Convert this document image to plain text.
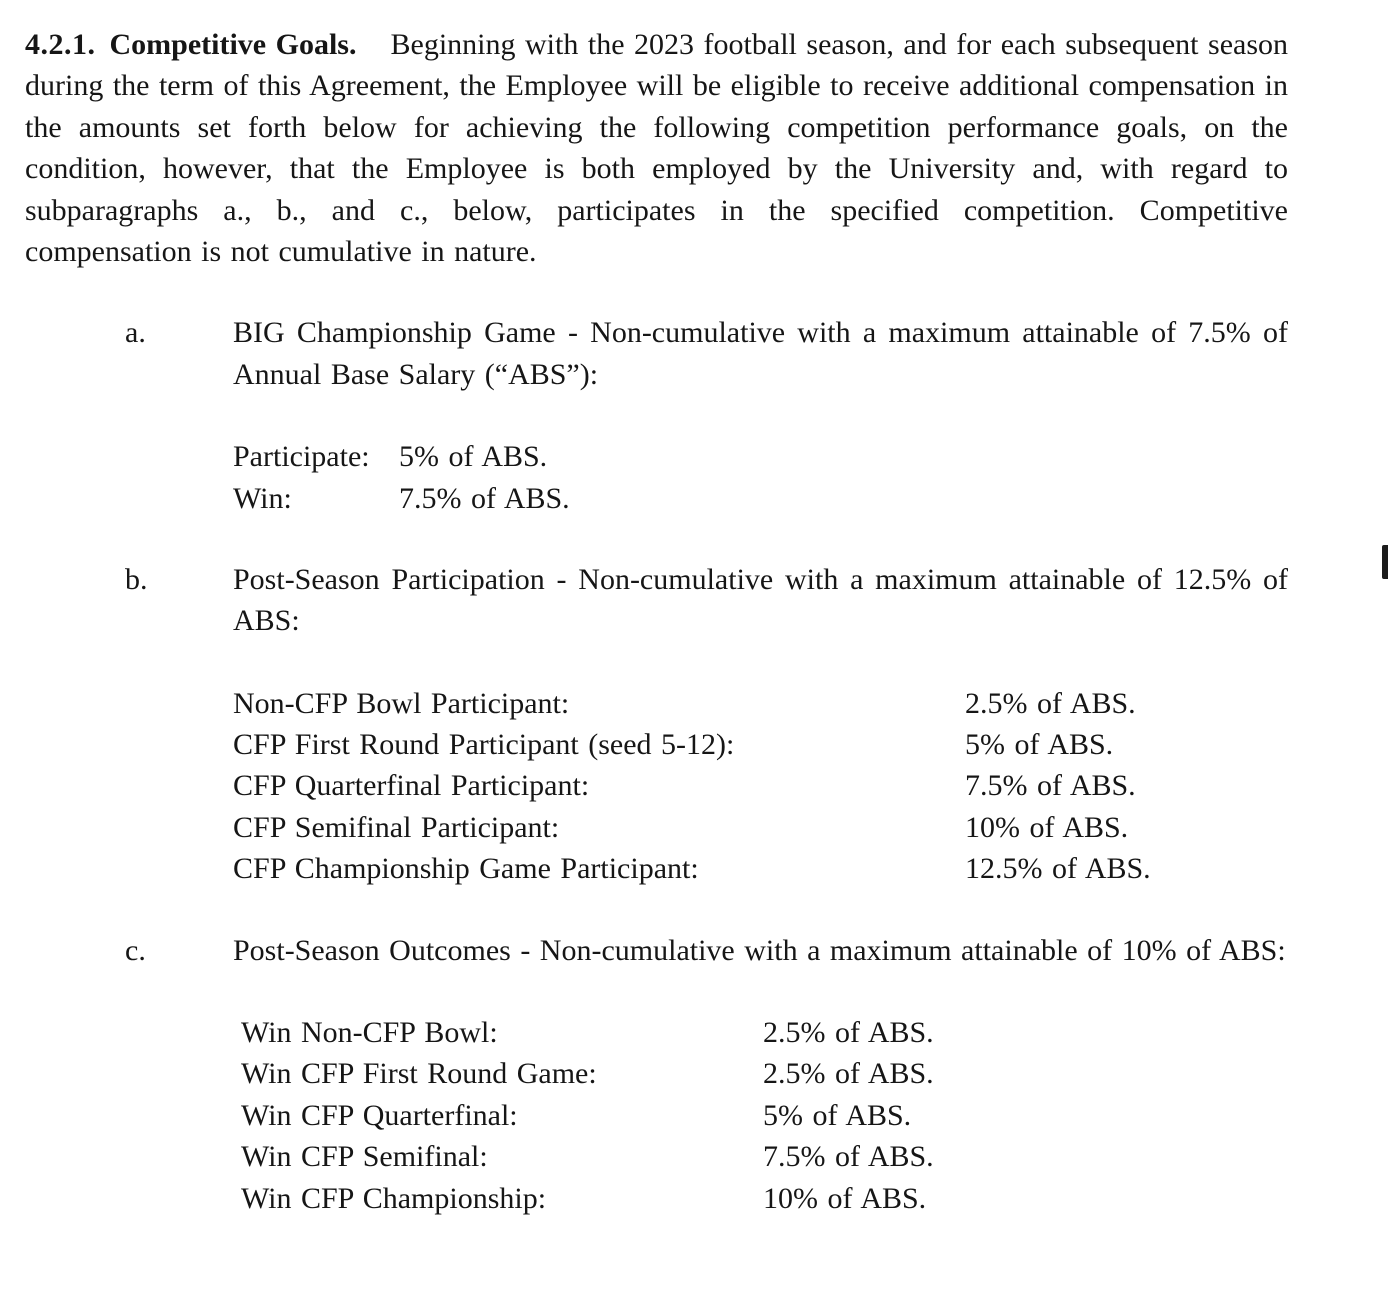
4.2.1. Competitive Goals. Beginning with the 2023 football season, and for each subsequent season during the term of this Agreement, the Employee will be eligible to receive additional compensation in the amounts set forth below for achieving the following competition performance goals, on the condition, however, that the Employee is both employed by the University and, with regard to subparagraphs a., b., and c., below, participates in the specified competition. Competitive compensation is not cumulative in nature.

a.	BIG Championship Game - Non-cumulative with a maximum attainable of 7.5% of Annual Base Salary (“ABS”):

Participate:	5% of ABS.
Win:	7.5% of ABS.
b.	Post-Season Participation - Non-cumulative with a maximum attainable of 12.5% of ABS:

Non-CFP Bowl Participant:	2.5% of ABS.
CFP First Round Participant (seed 5-12):	5% of ABS.
CFP Quarterfinal Participant:	7.5% of ABS.
CFP Semifinal Participant:	10% of ABS.
CFP Championship Game Participant:	12.5% of ABS.
c.	Post-Season Outcomes - Non-cumulative with a maximum attainable of 10% of ABS:

Win Non-CFP Bowl:	2.5% of ABS.
Win CFP First Round Game:	2.5% of ABS.
Win CFP Quarterfinal:	5% of ABS.
Win CFP Semifinal:	7.5% of ABS.
Win CFP Championship:	10% of ABS.
